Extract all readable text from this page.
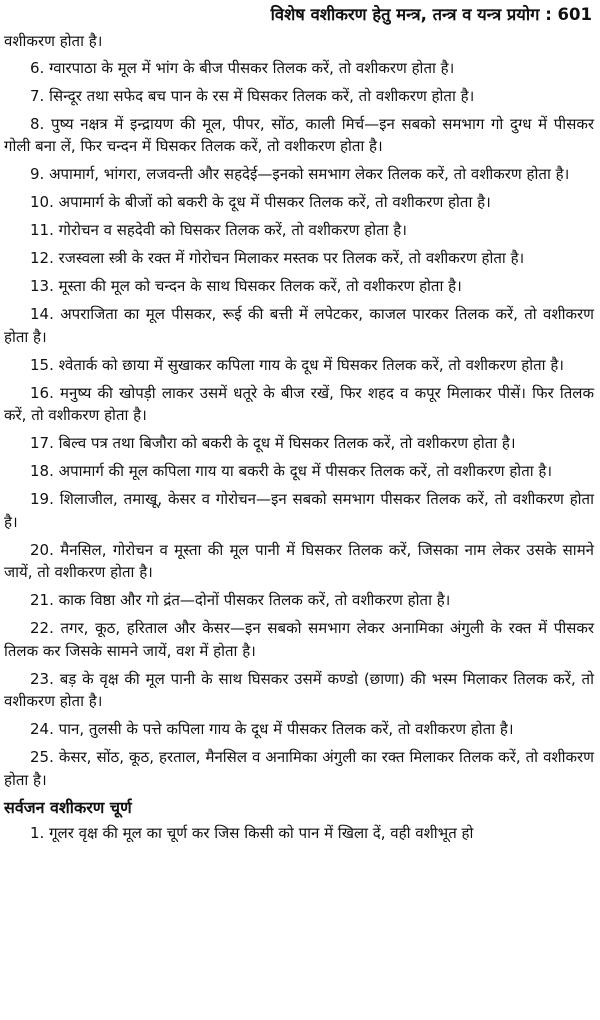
विशेष वशीकरण हेतु मन्त्र, तन्त्र व यन्त्र प्रयोग : 601

वशीकरण होता है।

6. ग्वारपाठा के मूल में भांग के बीज पीसकर तिलक करें, तो वशीकरण होता है।

7. सिन्दूर तथा सफेद बच पान के रस में घिसकर तिलक करें, तो वशीकरण होता है।

8. पुष्य नक्षत्र में इन्द्रायण की मूल, पीपर, सोंठ, काली मिर्च—इन सबको समभाग गो दुग्ध में पीसकर गोली बना लें, फिर चन्दन में घिसकर तिलक करें, तो वशीकरण होता है।

9. अपामार्ग, भांगरा, लजवन्ती और सहदेई—इनको समभाग लेकर तिलक करें, तो वशीकरण होता है।

10. अपामार्ग के बीजों को बकरी के दूध में पीसकर तिलक करें, तो वशीकरण होता है।

11. गोरोचन व सहदेवी को घिसकर तिलक करें, तो वशीकरण होता है।

12. रजस्वला स्त्री के रक्त में गोरोचन मिलाकर मस्तक पर तिलक करें, तो वशीकरण होता है।

13. मूस्ता की मूल को चन्दन के साथ घिसकर तिलक करें, तो वशीकरण होता है।

14. अपराजिता का मूल पीसकर, रूई की बत्ती में लपेटकर, काजल पारकर तिलक करें, तो वशीकरण होता है।

15. श्वेतार्क को छाया में सुखाकर कपिला गाय के दूध में घिसकर तिलक करें, तो वशीकरण होता है।

16. मनुष्य की खोपड़ी लाकर उसमें धतूरे के बीज रखें, फिर शहद व कपूर मिलाकर पीसें। फिर तिलक करें, तो वशीकरण होता है।

17. बिल्व पत्र तथा बिजौरा को बकरी के दूध में घिसकर तिलक करें, तो वशीकरण होता है।

18. अपामार्ग की मूल कपिला गाय या बकरी के दूध में पीसकर तिलक करें, तो वशीकरण होता है।

19. शिलाजील, तमाखू, केसर व गोरोचन—इन सबको समभाग पीसकर तिलक करें, तो वशीकरण होता है।

20. मैनसिल, गोरोचन व मूस्ता की मूल पानी में घिसकर तिलक करें, जिसका नाम लेकर उसके सामने जायें, तो वशीकरण होता है।

21. काक विष्ठा और गो द्रंत—दोनों पीसकर तिलक करें, तो वशीकरण होता है।

22. तगर, कूठ, हरिताल और केसर—इन सबको समभाग लेकर अनामिका अंगुली के रक्त में पीसकर तिलक कर जिसके सामने जायें, वश में होता है।

23. बड़ के वृक्ष की मूल पानी के साथ घिसकर उसमें कण्डो (छाणा) की भस्म मिलाकर तिलक करें, तो वशीकरण होता है।

24. पान, तुलसी के पत्ते कपिला गाय के दूध में पीसकर तिलक करें, तो वशीकरण होता है।

25. केसर, सोंठ, कूठ, हरताल, मैनसिल व अनामिका अंगुली का रक्त मिलाकर तिलक करें, तो वशीकरण होता है।

सर्वजन वशीकरण चूर्ण

1. गूलर वृक्ष की मूल का चूर्ण कर जिस किसी को पान में खिला दें, वही वशीभूत हो
